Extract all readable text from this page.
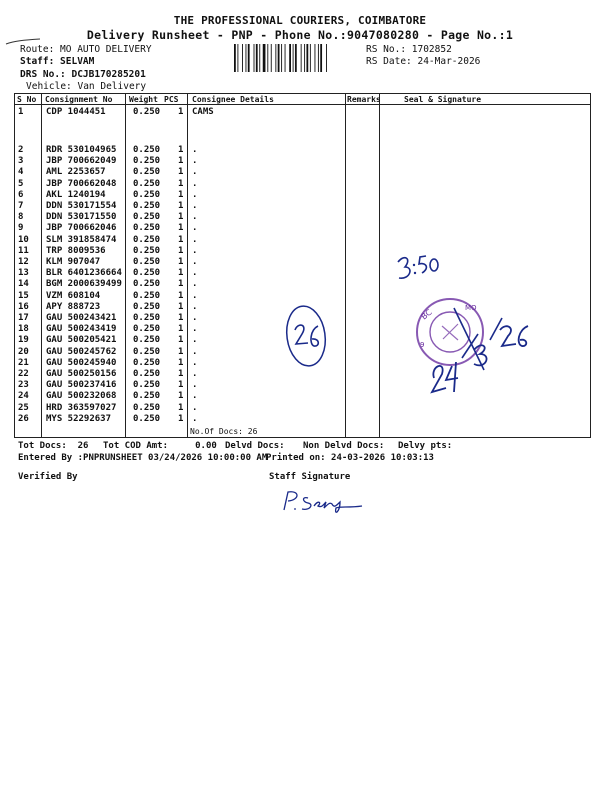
THE PROFESSIONAL COURIERS, COIMBATORE
Delivery Runsheet - PNP - Phone No.:9047080280 - Page No.:1
Route: MO AUTO DELIVERY
Staff: SELVAM
DRS No.: DCJB170285201
Vehicle: Van Delivery
RS No.: 1702852
RS Date: 24-Mar-2026
S No Consignment No Weight PCS Consignee Details	Remarks	Seal & Signature
1	CDP 1044451	0.250 1 CAMS
2	RDR 530104965 0.250 1 .
3	JBP 700662049 0.250 1 .
4	AML 2253657	0.250 1 .
5	JBP 700662048 0.250 1 .
6	AKL 1240194	0.250 1 .
7	DDN 530171554 0.250 1 .
8	DDN 530171550 0.250 1 .
9	JBP 700662046 0.250 1 .
10 SLM 391858474 0.250 1 .
11 TRP 8009536	0.250 1 .
12 KLM 907047	0.250 1 .
13 BLR 6401236664 0.250 1 .
14 BGM 2000639499 0.250 1 .
15 VZM 608104	0.250 1 .
16 APY 888723	0.250 1 .
17 GAU 500243421 0.250 1 .
18 GAU 500243419 0.250 1 .
19 GAU 500205421 0.250 1 .
20 GAU 500245762 0.250 1 .
21 GAU 500245940 0.250 1 .
22 GAU 500250156 0.250 1 .
23 GAU 500237416 0.250 1 .
24 GAU 500232068 0.250 1 .
25 HRD 363597027 0.250 1 .
26 MYS 52292637 0.250 1 .
No.Of Docs: 26
Tot Docs:  26 Tot COD Amt:     0.00 Delvd Docs: Non Delvd Docs: Delvy pts:
Entered By :PNPRUNSHEET 03/24/2026 10:00:00 AM
Printed on: 24-03-2026 10:03:13
Verified By	Staff Signature
BC
9
MO
